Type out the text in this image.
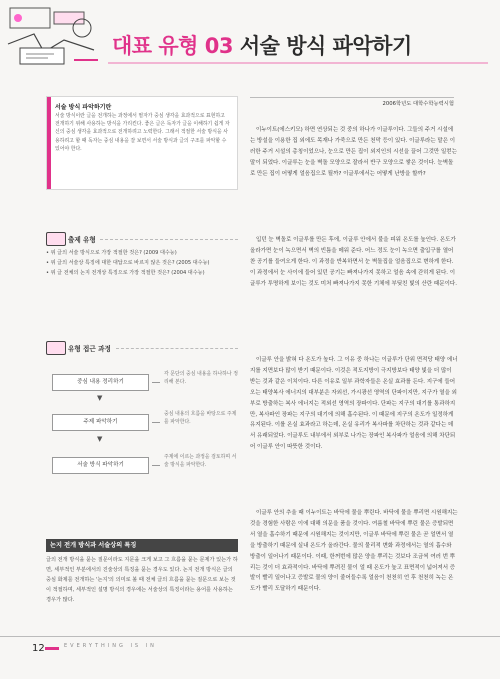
대표 유형 03 서술 방식 파악하기
서술 방식 파악하기란
서술 방식이란 글을 전개하는 과정에서 필자가 중심 생각을 효과적으로 표현하고 전개하기 위해 사용하는 방식을 가리킨다. 좋은 글은 독자가 글을 이해하기 쉽게 자신의 중심 생각을 효과적으로 전개하려고 노력한다. 그래서 적절한 서술 방식을 사용하려고 할 때 독자는 중심 내용을 잘 보면서 서술 방식과 글의 구조를 파악할 수 있어야 한다.
출제 유형
• 위 글의 서술 방식으로 가장 적절한 것은? (2009 대수능)
• 위 글의 서술상 특징에 대한 대답으로 바르지 않은 것은? (2005 대수능)
• 위 글 전체의 논지 전개상 특징으로 가장 적절한 것은? (2004 대수능)
유형 접근 과정
중심 내용 정리하기
각 문단의 중심 내용을 하나하나 정리해 본다.
▼
주제 파악하기
중심 내용의 흐름을 바탕으로 주제를 파악한다.
▼
서술 방식 파악하기
주제에 이르는 과정을 검토하며 서술 방식을 파악한다.
논지 전개 방식과 서술상의 특징
글의 전개 방식을 묻는 질문이라도 지문을 크게 보고 그 흐름을 묻는 문제가 있는가 하면, 세부적인 부분에서의 진술상의 특징을 묻는 경우도 있다. 논지 전개 방식은 글의 중심 화제를 전개하는 '논지'의 의미로 볼 때 전체 글의 흐름을 묻는 질문으로 보는 것이 적절하며, 세부적인 설명 방식의 경우에는 서술상의 특징이라는 용어를 사용하는 경우가 많다.
2006학년도 대학수학능력시험
이누이트(에스키모) 하면 연상되는 것 중의 하나가 이글루이다. 그들의 주거 시설에는 방설을 이용한 집 외에도 목재나 가죽으로 만든 천막 등이 있다. 이글루라는 말은 이러한 주거 시설의 총칭이었으나, 눈으로 만든 집이 외지인의 시선을 끌어 그것만 일컫는 말이 되었다. 이글루는 눈을 벽돌 모양으로 잘라서 반구 모양으로 쌓은 것이다. 눈벽돌로 만든 집이 어떻게 얼음집으로 될까? 이글루에서는 어떻게 난방을 할까?
입던 눈 벽돌로 이글루를 만든 후에, 이글루 안에서 불을 피워 온도를 높인다. 온도가 올라가면 눈이 녹으면서 벽의 빈틈을 메워 준다. 어느 정도 눈이 녹으면 출입구를 열어 찬 공기를 들여오게 한다. 이 과정을 반복하면서 눈 벽돌집을 얼음집으로 변하게 한다. 이 과정에서 눈 사이에 들어 있던 공기는 빠져나가지 못하고 얼음 속에 갇히게 된다. 이글루가 투명하게 보이는 것도 미처 빠져나가지 못한 기체에 부딪친 빛의 산란 때문이다.
이글루 안을 밝혀 다 온도가 높다. 그 이유 중 하나는 이글루가 단위 면적당 태양 에너지를 지면보다 많이 받기 때문이다. 이것은 적도지방이 극지방보다 태양 빛을 더 많이 받는 것과 같은 이치이다. 다른 이유로 일부 과학자들은 온실 효과를 든다. 지구에 들어오는 태양복사 에너지의 대부분은 자외선, 가시광선 영역의 단파이지만, 지구가 열을 외부로 방출하는 복사 에너지는 적외선 영역의 장파이다. 단파는 지구의 대기를 통과하지만, 복사파인 장파는 지구의 대기에 의해 흡수된다. 이 때문에 지구의 온도가 일정하게 유지된다. 이를 온실 효과라고 하는데, 온실 유리가 복사파를 차단하는 것과 같다는 데서 유래되었다. 이글루도 내부에서 외부로 나가는 장파인 복사파가 얼음에 의해 차단되어 이글루 안이 따뜻한 것이다.
이글루 안의 추울 때 이누이트는 바닥에 물을 뿌린다. 바닥에 물을 뿌리면 시원해지는 것을 경험한 사람은 이에 대해 의문을 품을 것이다. 여름철 바닥에 뿌린 물은 증발되면서 열을 흡수하기 때문에 시원해지는 것이지만, 이글루 바닥에 뿌린 물은 곧 얼면서 열을 방출하기 때문에 실내 온도가 올라간다. 물의 물리적 변화 과정에서는 열의 흡수와 방출이 일어나기 때문이다. 이때, 한꺼번에 많은 양을 뿌리는 것보다 조금씩 여러 번 뿌리는 것이 더 효과적이다. 바닥에 뿌려진 물이 얼 때 온도가 높고 표면적이 넓어져서 증발이 빨리 일어나고 증발로 물의 양이 줄어들수록 얼음이 천천히 언 후 천천히 녹는 온도가 빨리 도달하기 때문이다.
12	EVERYTHING IS IN
